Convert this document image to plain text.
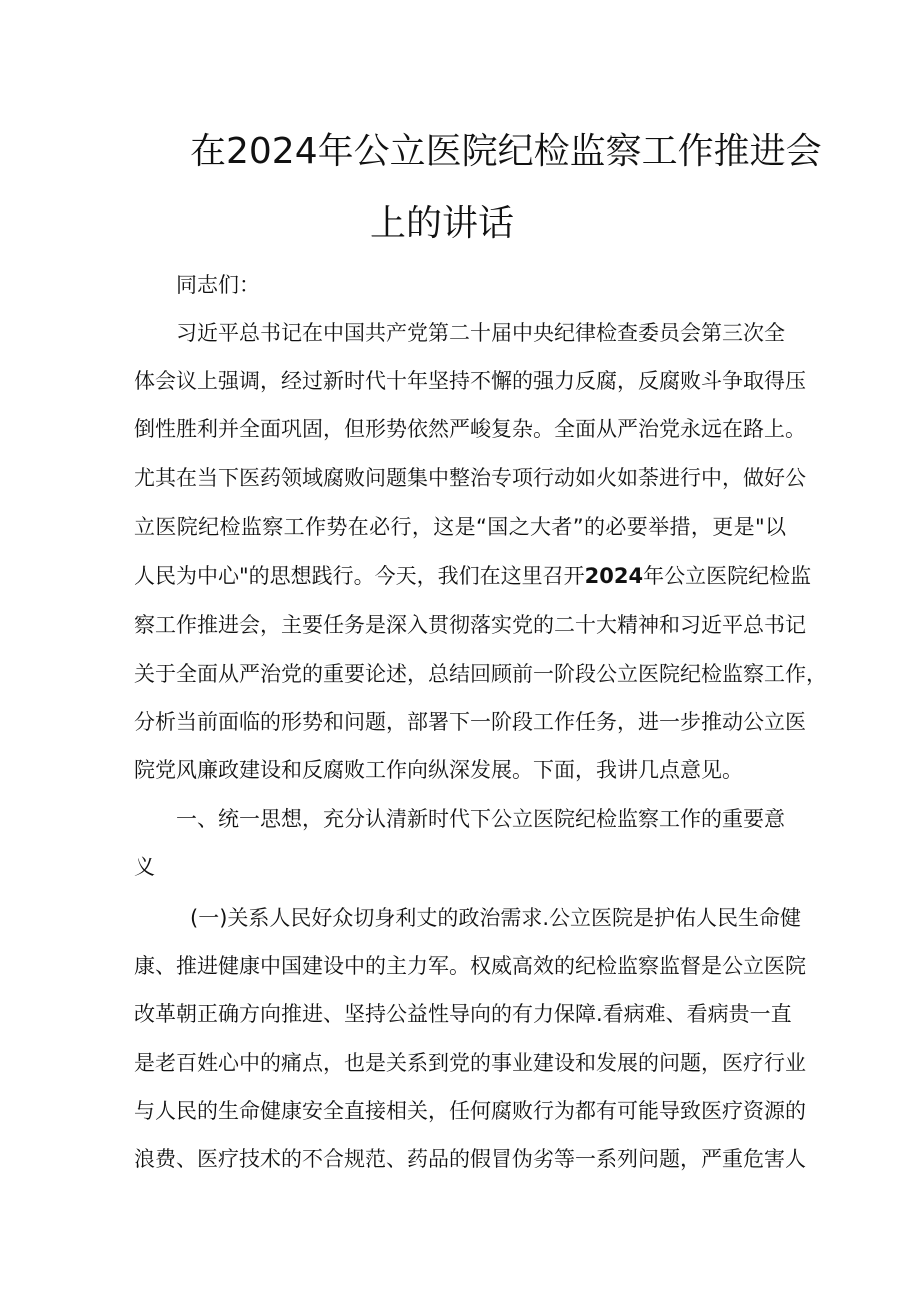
在2024年公立医院纪检监察工作推进会
上的讲话
同志们：
习近平总书记在中国共产党第二十届中央纪律检查委员会第三次全
体会议上强调，经过新时代十年坚持不懈的强力反腐，反腐败斗争取得压
倒性胜利并全面巩固，但形势依然严峻复杂。全面从严治党永远在路上。
尤其在当下医药领域腐败问题集中整治专项行动如火如荼进行中，做好公
立医院纪检监察工作势在必行，这是“国之大者”的必要举措，更是"以
人民为中心"的思想践行。今天，我们在这里召开2024年公立医院纪检监
察工作推进会，主要任务是深入贯彻落实党的二十大精神和习近平总书记
关于全面从严治党的重要论述，总结回顾前一阶段公立医院纪检监察工作，
分析当前面临的形势和问题，部署下一阶段工作任务，进一步推动公立医
院党风廉政建设和反腐败工作向纵深发展。下面，我讲几点意见。
一、统一思想，充分认清新时代下公立医院纪检监察工作的重要意
义
(一)关系人民好众切身利丈的政治需求.公立医院是护佑人民生命健
康、推进健康中国建设中的主力军。权威高效的纪检监察监督是公立医院
改革朝正确方向推进、坚持公益性导向的有力保障.看病难、看病贵一直
是老百姓心中的痛点，也是关系到党的事业建设和发展的问题，医疗行业
与人民的生命健康安全直接相关，任何腐败行为都有可能导致医疗资源的
浪费、医疗技术的不合规范、药品的假冒伪劣等一系列问题，严重危害人
